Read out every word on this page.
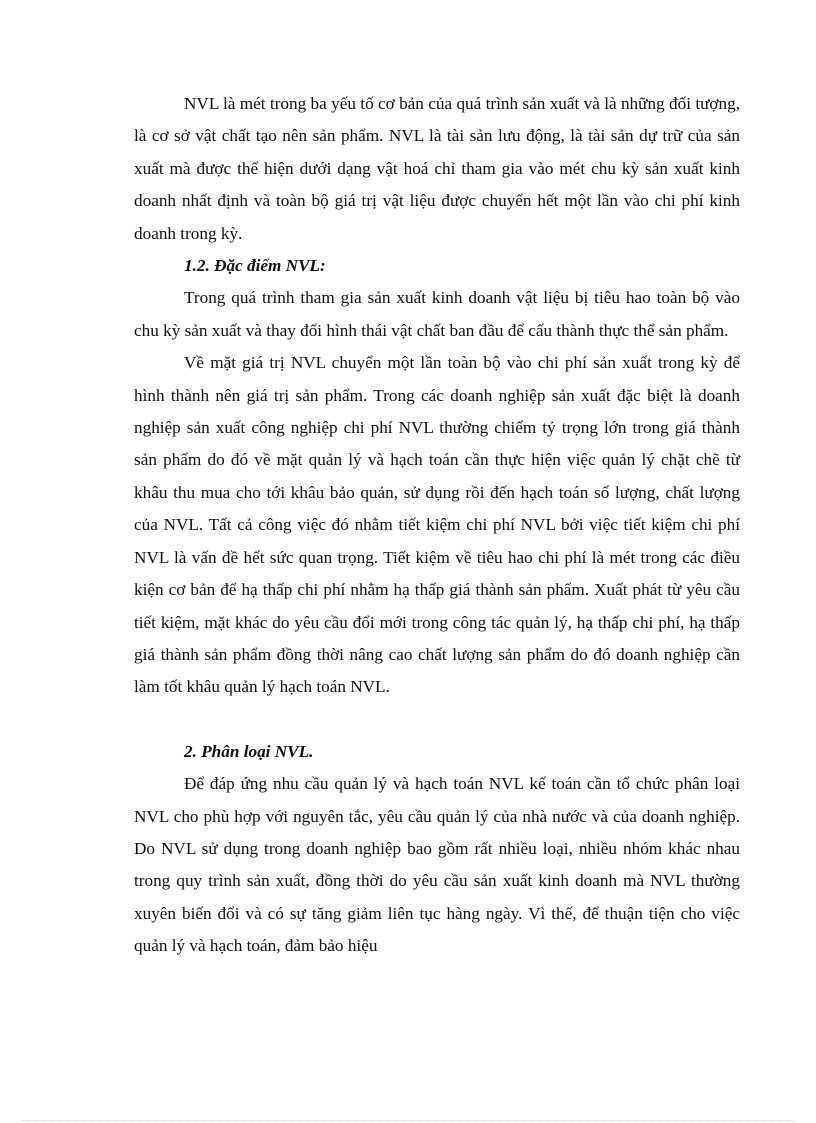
NVL là mét trong ba yếu tố cơ bản của quá trình sản xuất và là những đối tượng, là cơ sở vật chất tạo nên sản phẩm. NVL là tài sản lưu động, là tài sản dự trữ của sản xuất mà được thể hiện dưới dạng vật hoá chỉ tham gia vào mét chu kỳ sản xuất kinh doanh nhất định và toàn bộ giá trị vật liệu được chuyển hết một lần vào chi phí kinh doanh trong kỳ.

1.2. Đặc điểm NVL:

Trong quá trình tham gia sản xuất kinh doanh vật liệu bị tiêu hao toàn bộ vào chu kỳ sản xuất và thay đổi hình thái vật chất ban đầu để cấu thành thực thể sản phẩm.

Về mặt giá trị NVL chuyển một lần toàn bộ vào chi phí sản xuất trong kỳ để hình thành nên giá trị sản phẩm. Trong các doanh nghiệp sản xuất đặc biệt là doanh nghiệp sản xuất công nghiệp chi phí NVL thường chiếm tỷ trọng lớn trong giá thành sản phẩm do đó về mặt quản lý và hạch toán cần thực hiện việc quản lý chặt chẽ từ khâu thu mua cho tới khâu bảo quản, sử dụng rồi đến hạch toán số lượng, chất lượng của NVL. Tất cả công việc đó nhằm tiết kiệm chi phí NVL bởi việc tiết kiệm chi phí NVL là vấn đề hết sức quan trọng. Tiết kiệm về tiêu hao chi phí là mét trong các điều kiện cơ bản để hạ thấp chi phí nhằm hạ thấp giá thành sản phẩm. Xuất phát từ yêu cầu tiết kiệm, mặt khác do yêu cầu đổi mới trong công tác quản lý, hạ thấp chi phí, hạ thấp giá thành sản phẩm đồng thời nâng cao chất lượng sản phẩm do đó doanh nghiệp cần làm tốt khâu quản lý hạch toán NVL.

2. Phân loại NVL.

Để đáp ứng nhu cầu quản lý và hạch toán NVL kế toán cần tổ chức phân loại NVL cho phù hợp với nguyên tắc, yêu cầu quản lý của nhà nước và của doanh nghiệp. Do NVL sử dụng trong doanh nghiệp bao gồm rất nhiều loại, nhiều nhóm khác nhau trong quy trình sản xuất, đồng thời do yêu cầu sản xuất kinh doanh mà NVL thường xuyên biến đổi và có sự tăng giảm liên tục hàng ngày. Vì thế, để thuận tiện cho việc quản lý và hạch toán, đảm bảo hiệu
